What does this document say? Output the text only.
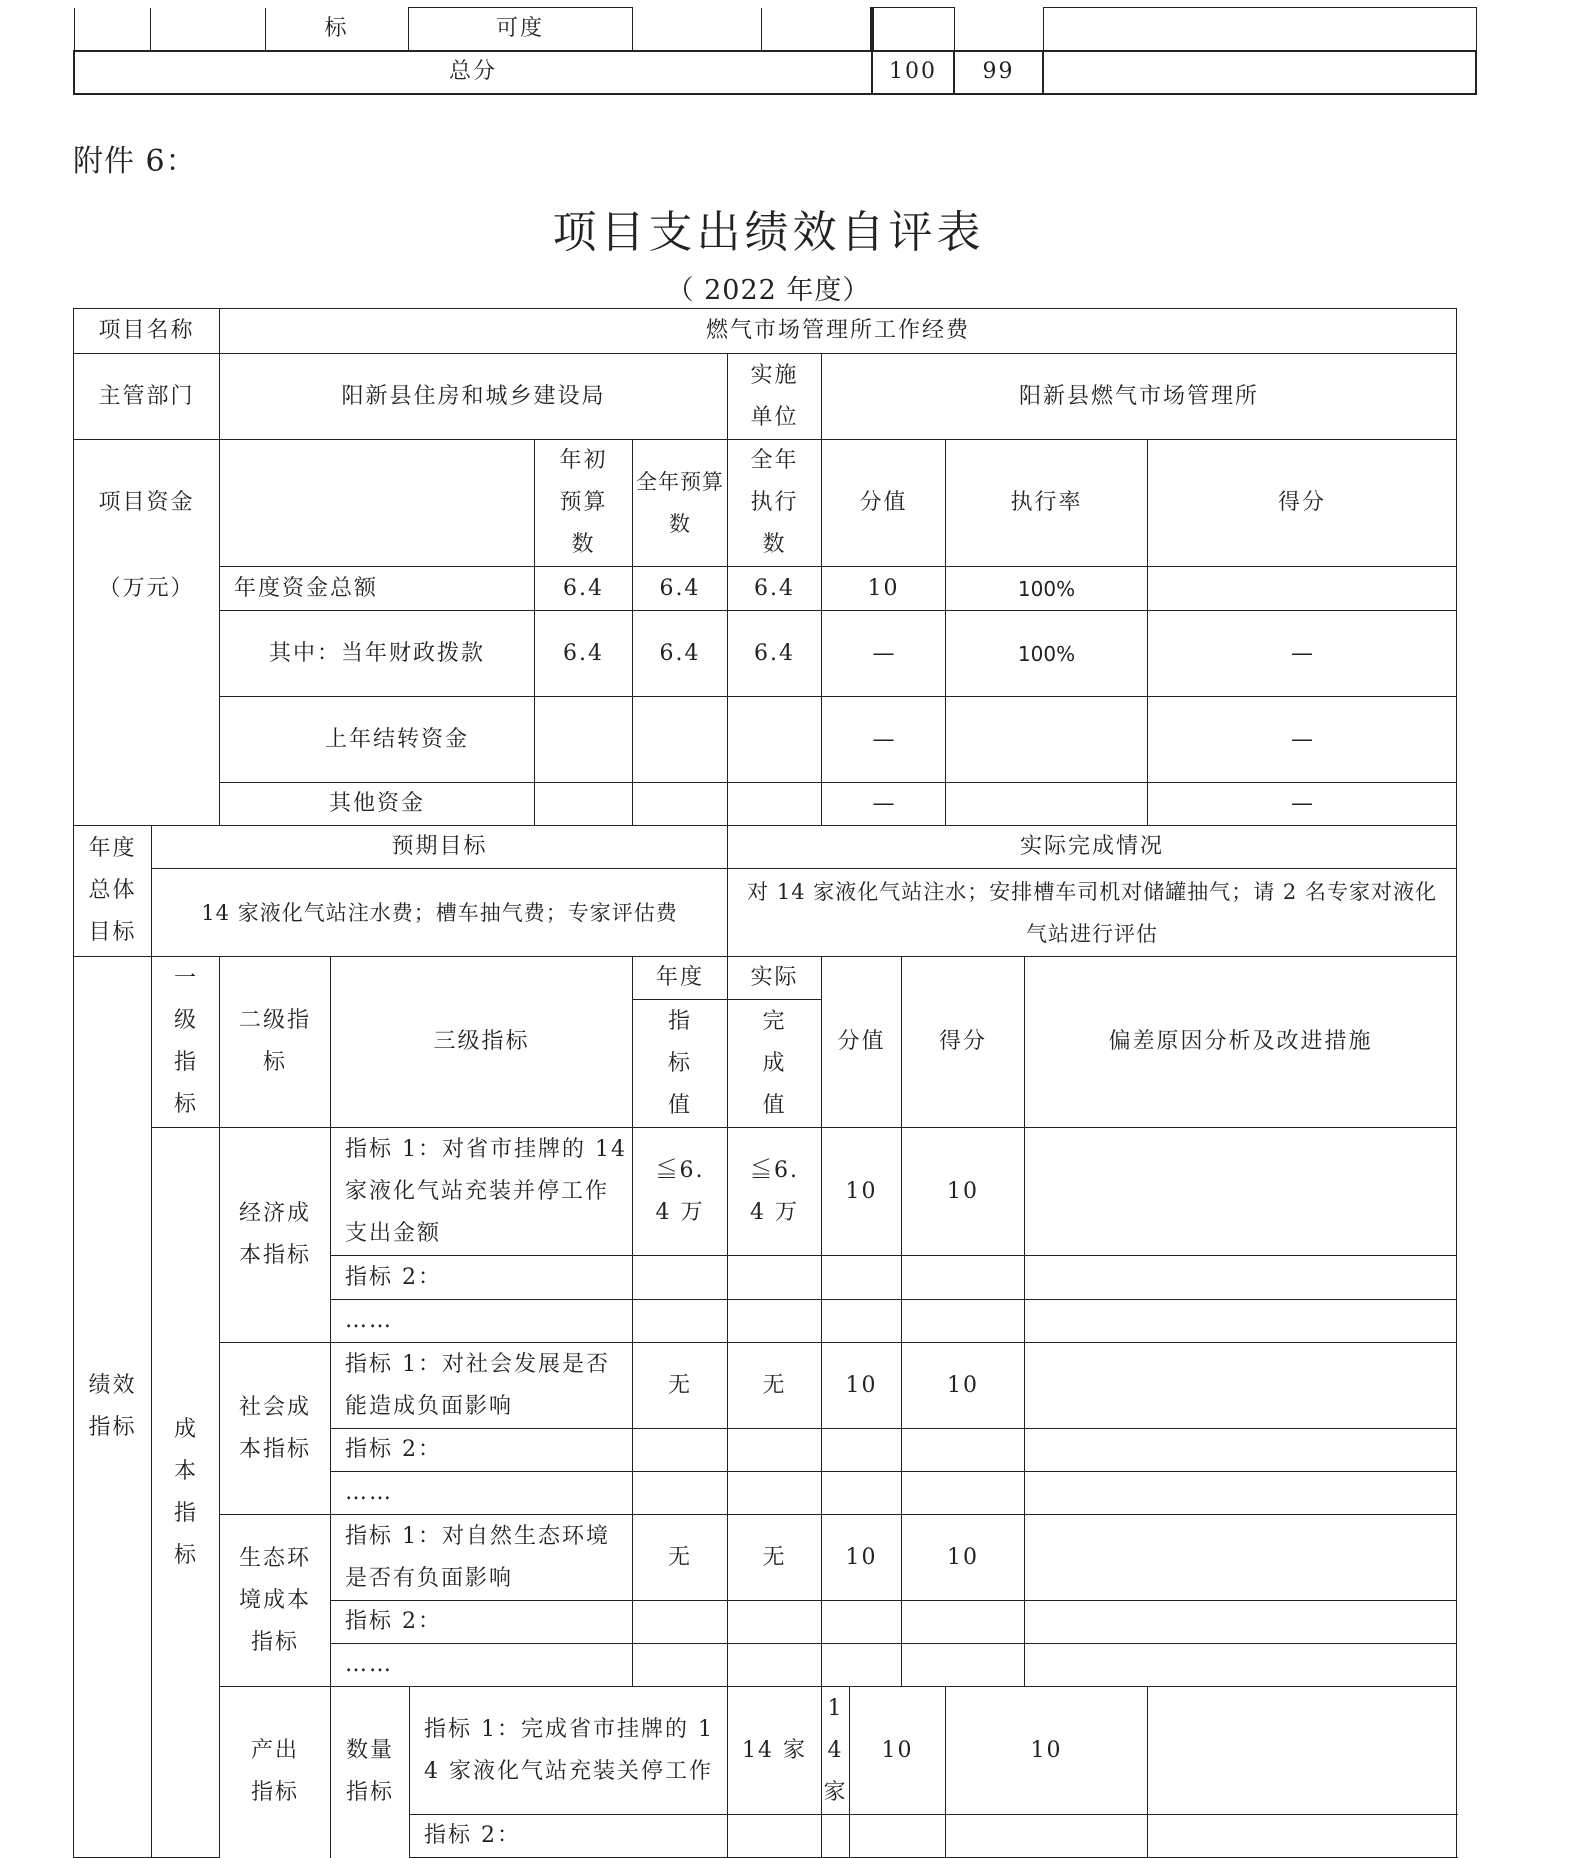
		标	可度					
总分						100	99	
附件 6：
项目支出绩效自评表
（ 2022 年度）
项目名称		燃气市场管理所工作经费											
主管部门		阳新县住房和城乡建设局					实施单位	阳新县燃气市场管理所					
项目资金					年初预算数	全年预算数	全年执行数	分值			执行率		得分
（万元）		年度资金总额			6.4	6.4	6.4	10			100%		
		其中：当年财政拨款			6.4	6.4	6.4	—			100%		—
		上年结转资金						—					—
		其他资金						—					—
年度总体目标	预期目标						实际完成情况						
	14 家液化气站注水费；槽车抽气费；专家评估费						对 14 家液化气站注水；安排槽车司机对储罐抽气；请 2 名专家对液化气站进行评估						
绩效指标	一级指标	二级指标	三级指标			年度	实际	分值		得分		偏差原因分析及改进措施	
						指标值	完成值						
	成本指标	经济成本指标	指标 1：对省市挂牌的 14 家液化气站充装并停工作支出金额			≦6.4 万	≦6.4 万	10		10			
			指标 2：										
			……										
		社会成本指标	指标 1：对社会发展是否能造成负面影响			无	无	10		10			
			指标 2：										
			……										
		生态环境成本指标	指标 1：对自然生态环境是否有负面影响			无	无	10		10			
			指标 2：										
			……										
		产出指标	数量指标	指标 1：完成省市挂牌的 14 家液化气站充装关停工作			14 家	14 家	10		10		
				指标 2：									
